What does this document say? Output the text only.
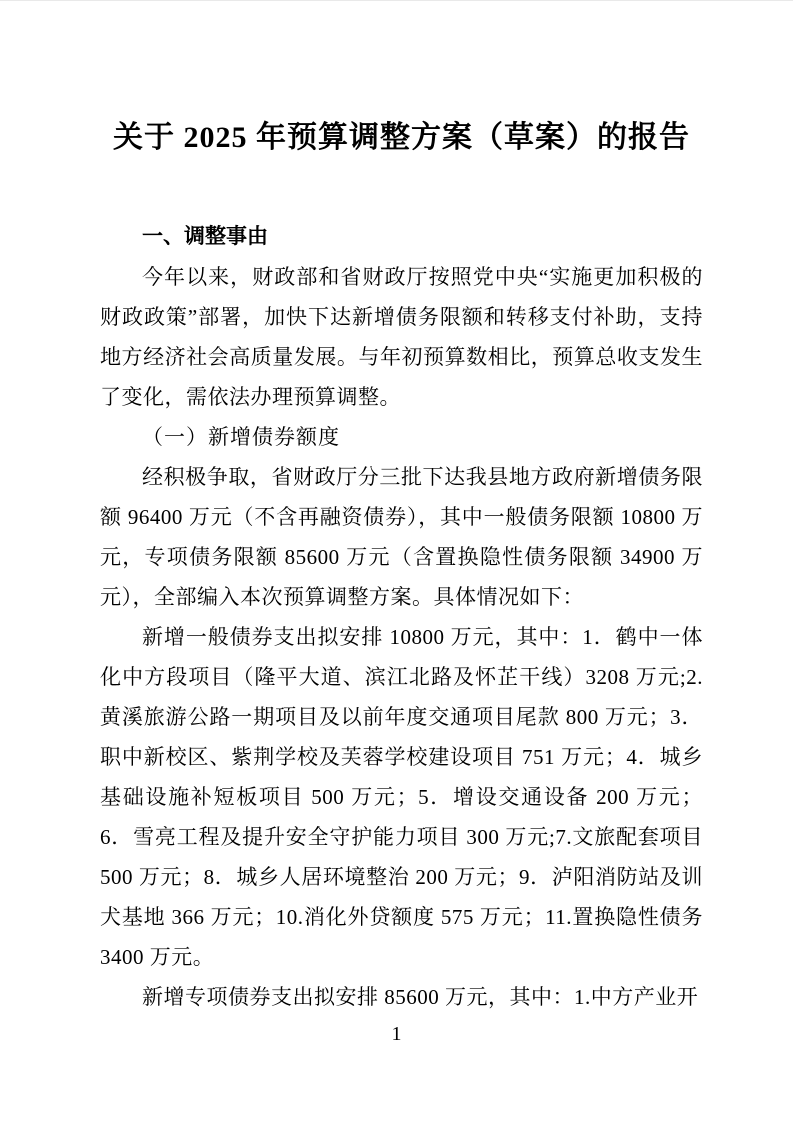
关于 2025 年预算调整方案（草案）的报告
一、调整事由

今年以来，财政部和省财政厅按照党中央“实施更加积极的财政政策”部署，加快下达新增债务限额和转移支付补助，支持地方经济社会高质量发展。与年初预算数相比，预算总收支发生了变化，需依法办理预算调整。

（一）新增债券额度

经积极争取，省财政厅分三批下达我县地方政府新增债务限额 96400 万元（不含再融资债券），其中一般债务限额 10800 万元，专项债务限额 85600 万元（含置换隐性债务限额 34900 万元），全部编入本次预算调整方案。具体情况如下：

新增一般债券支出拟安排 10800 万元，其中：1．鹤中一体化中方段项目（隆平大道、滨江北路及怀芷干线）3208 万元;2.黄溪旅游公路一期项目及以前年度交通项目尾款 800 万元；3．职中新校区、紫荆学校及芙蓉学校建设项目 751 万元；4．城乡基础设施补短板项目 500 万元；5．增设交通设备 200 万元；6．雪亮工程及提升安全守护能力项目 300 万元;7.文旅配套项目 500 万元；8．城乡人居环境整治 200 万元；9．泸阳消防站及训犬基地 366 万元；10.消化外贷额度 575 万元；11.置换隐性债务 3400 万元。

新增专项债券支出拟安排 85600 万元，其中：1.中方产业开

1
